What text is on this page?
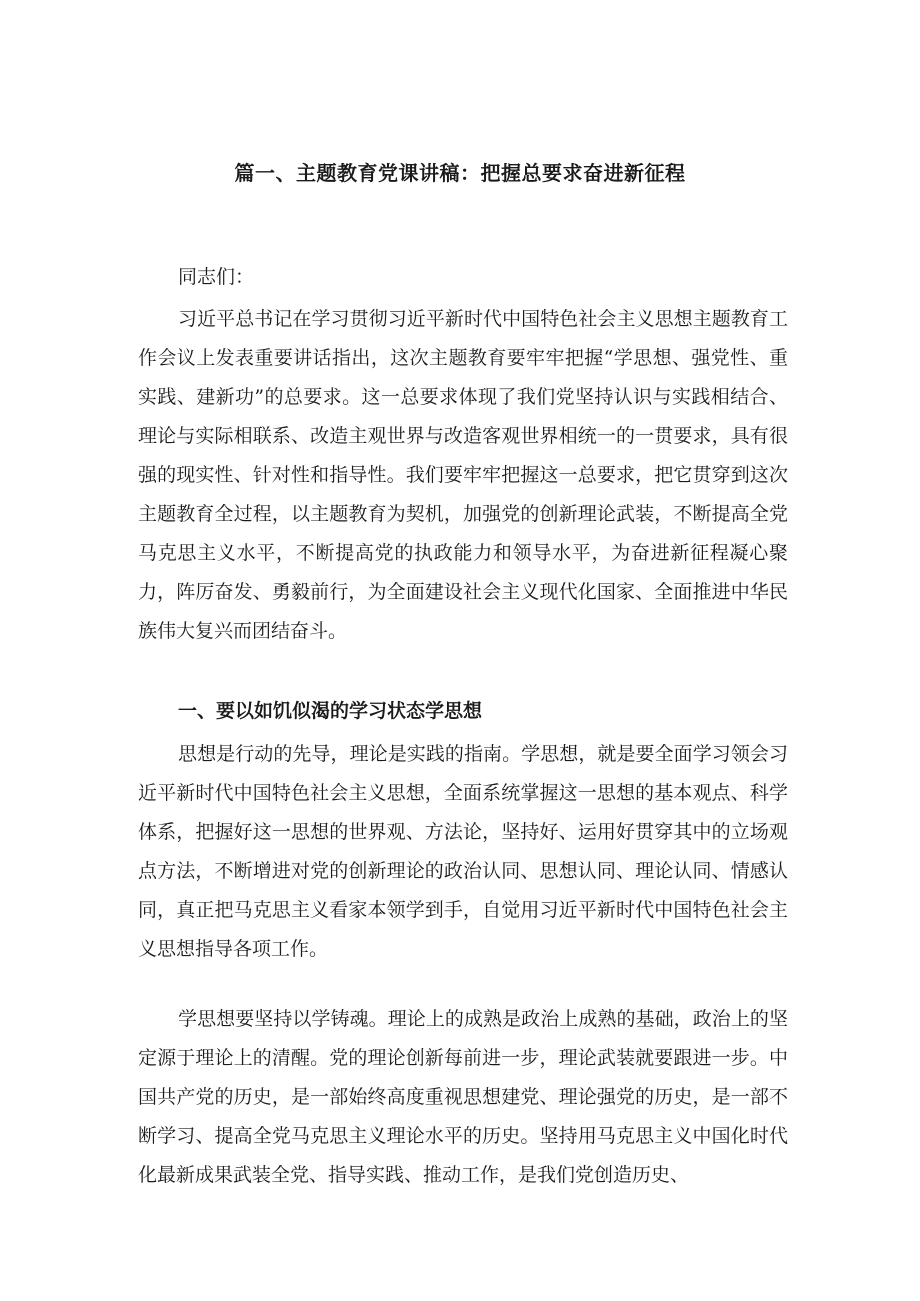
篇一、主题教育党课讲稿：把握总要求奋进新征程
同志们：
习近平总书记在学习贯彻习近平新时代中国特色社会主义思想主题教育工作会议上发表重要讲话指出，这次主题教育要牢牢把握“学思想、强党性、重实践、建新功”的总要求。这一总要求体现了我们党坚持认识与实践相结合、理论与实际相联系、改造主观世界与改造客观世界相统一的一贯要求，具有很强的现实性、针对性和指导性。我们要牢牢把握这一总要求，把它贯穿到这次主题教育全过程，以主题教育为契机，加强党的创新理论武装，不断提高全党马克思主义水平，不断提高党的执政能力和领导水平，为奋进新征程凝心聚力，阵厉奋发、勇毅前行，为全面建设社会主义现代化国家、全面推进中华民族伟大复兴而团结奋斗。
一、要以如饥似渴的学习状态学思想
思想是行动的先导，理论是实践的指南。学思想，就是要全面学习领会习近平新时代中国特色社会主义思想，全面系统掌握这一思想的基本观点、科学体系，把握好这一思想的世界观、方法论，坚持好、运用好贯穿其中的立场观点方法，不断增进对党的创新理论的政治认同、思想认同、理论认同、情感认同，真正把马克思主义看家本领学到手，自觉用习近平新时代中国特色社会主义思想指导各项工作。
学思想要坚持以学铸魂。理论上的成熟是政治上成熟的基础，政治上的坚定源于理论上的清醒。党的理论创新每前进一步，理论武装就要跟进一步。中国共产党的历史，是一部始终高度重视思想建党、理论强党的历史，是一部不断学习、提高全党马克思主义理论水平的历史。坚持用马克思主义中国化时代化最新成果武装全党、指导实践、推动工作，是我们党创造历史、
